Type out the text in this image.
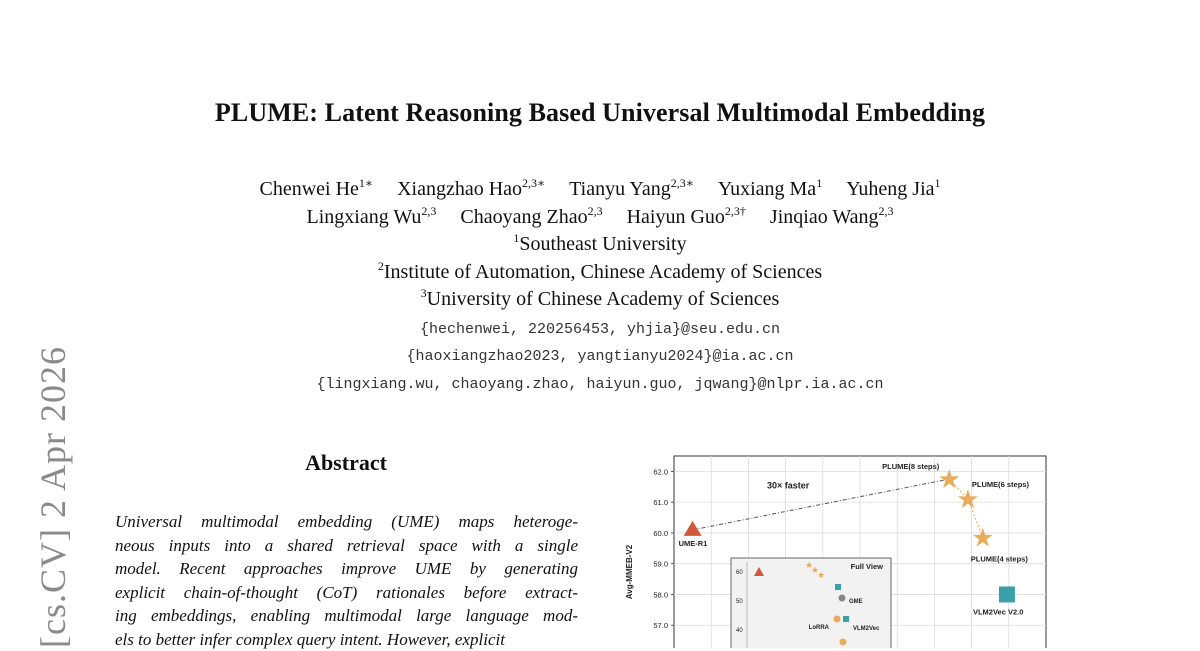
PLUME: Latent Reasoning Based Universal Multimodal Embedding
Chenwei $He^{1∗}$ Xiangzhao Hao$^{2,3∗}$ Tianyu Yang$^{2,3∗}$ Yuxiang Ma$^1$ Yuheng Jia$^1$
Lingxiang Wu$^{2,3}$ Chaoyang Zhao$^{2,3}$ Haiyun Guo$^{2,3\dagger}$ Jinqiao Wang$^{2,3}$
$^1$Southeast University
$^2$Institute of Automation, Chinese Academy of Sciences
$^3$University of Chinese Academy of Sciences
{hechenwei, 220256453, yhjia}@seu.edu.cn
{haoxiangzhao2023, yangtianyu2024}@ia.ac.cn
{lingxiang.wu, chaoyang.zhao, haiyun.guo, jqwang}@nlpr.ia.ac.cn
[cs.CV] 2 Apr 2026	Abstract
Universal multimodal embedding (UME) maps heteroge-
neous inputs into a shared retrieval space with a single
model. Recent approaches improve UME by generating
explicit chain-of-thought (CoT) rationales before extract-
ing embeddings, enabling multimodal large language mod-
els to better infer complex query intent. However, explicit
62.0
61.0
60.0
59.0
58.0
57.0
Avg-MMEB-V2	Full View
60
50
40
★
★
★
GME
LoRRA	VLM2Vec
UME-R1
★
PLUME(8 steps)
★
PLUME(6 steps)
★
PLUME(4 steps)
VLM2Vec V2.0
30× faster
